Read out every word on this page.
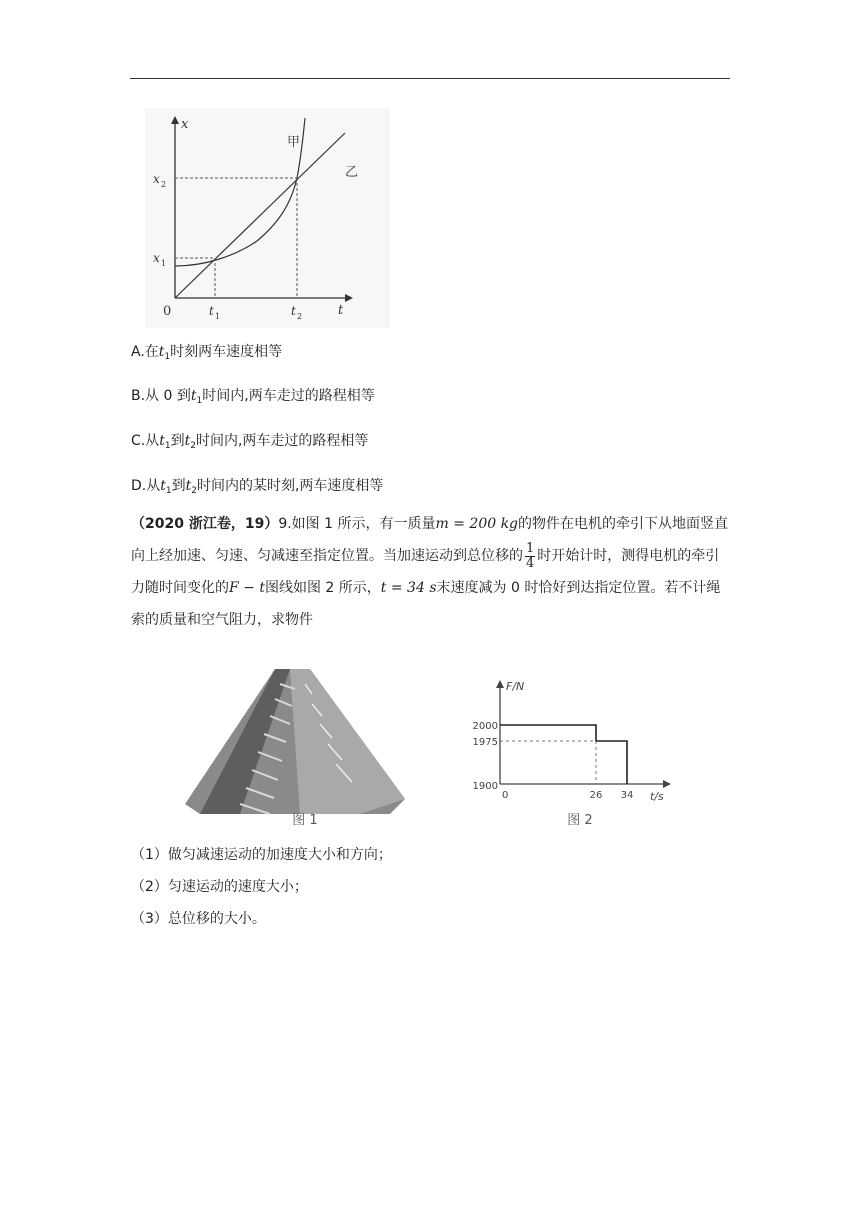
x
t
0
x 2
x 1
t 1	t 2
甲
乙
A.在$t_1$时刻两车速度相等
B.从 0 到$t_1$时间内,两车走过的路程相等
C.从$t_1$到$t_2$时间内,两车走过的路程相等
D.从$t_1$到$t_2$时间内的某时刻,两车速度相等
（2020 浙江卷，19）9.如图 1 所示，有一质量m = 200 kg的物件在电机的牵引下从地面竖直向上经加速、匀速、匀减速至指定位置。当加速运动到总位移的 $\frac{1}{4}$ 时开始计时，测得电机的牵引力随时间变化的F − t图线如图 2 所示，t = 34 s末速度减为 0 时恰好到达指定位置。若不计绳索的质量和空气阻力，求物件
图 1
F/N
t/s
2000
1975
1900
0	26 34
图 2
（1）做匀减速运动的加速度大小和方向；
（2）匀速运动的速度大小；
（3）总位移的大小。
